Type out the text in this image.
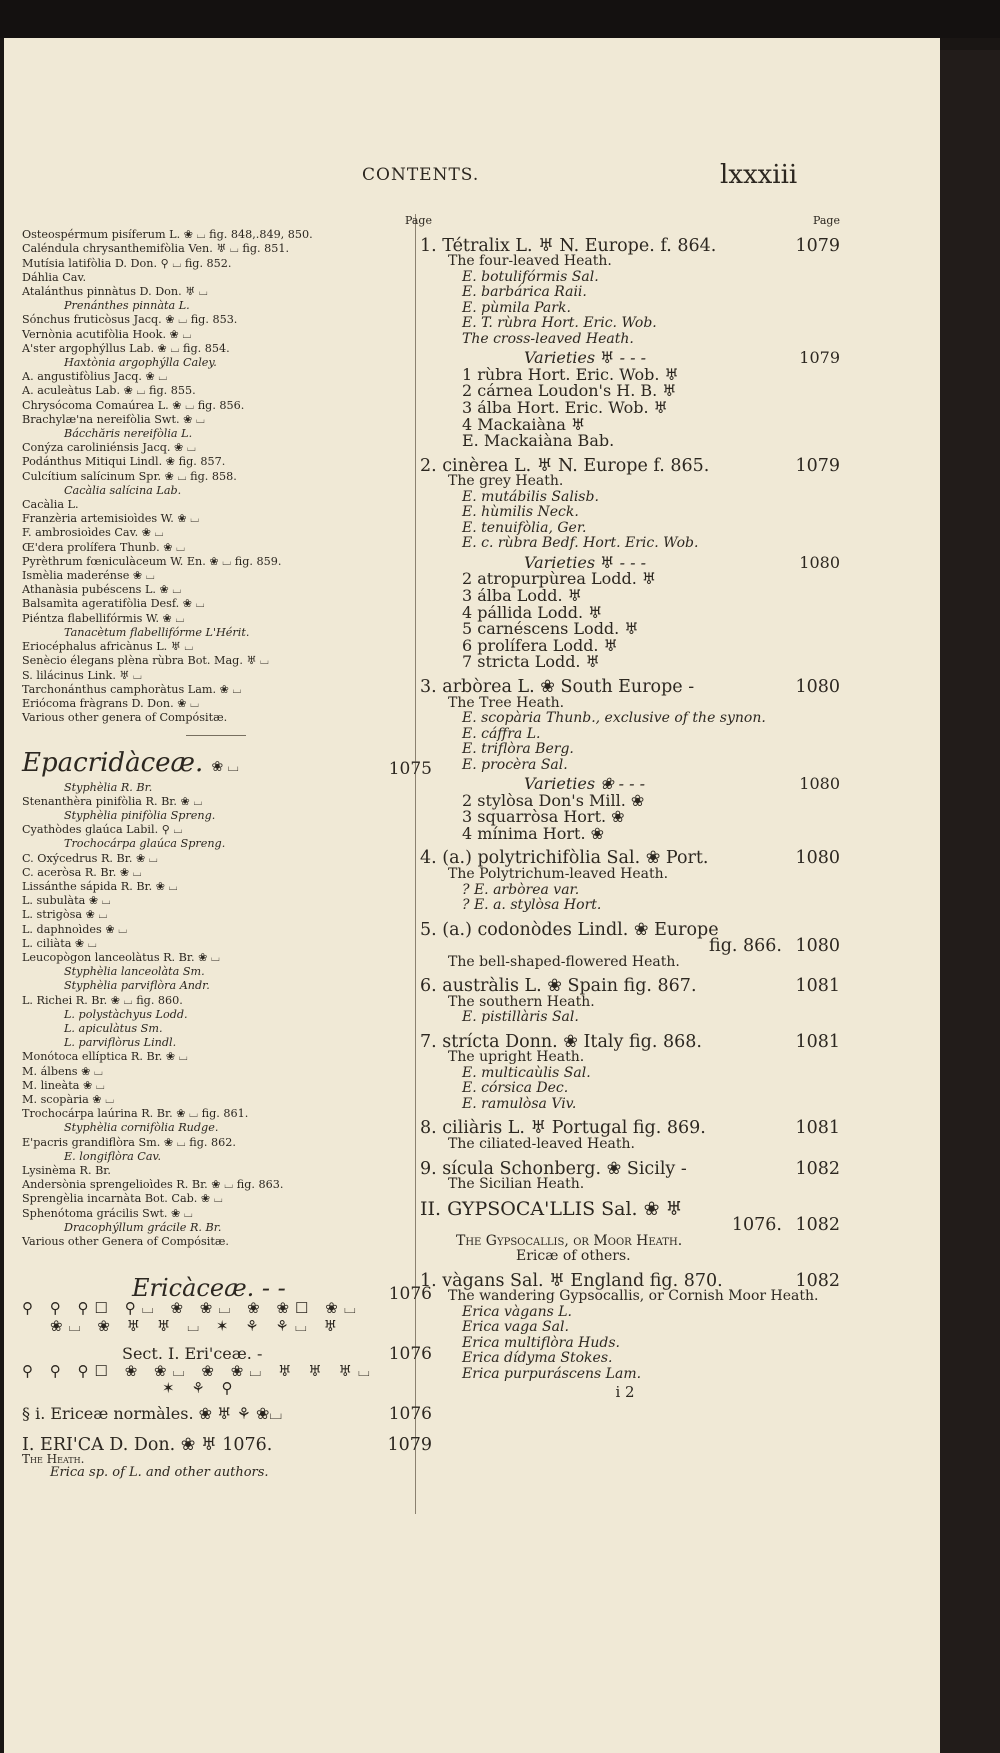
CONTENTS.	lxxxiii
Page
Osteospérmum pisíferum L. ❀ ⌴ fig. 848,.849, 850.
Caléndula chrysanthemifòlia Ven. ♅ ⌴ fig. 851.
Mutísia latifòlia D. Don. ⚲ ⌴ fig. 852.
Dáhlia Cav.
Atalánthus pinnàtus D. Don. ♅ ⌴
Prenánthes pinnàta L.
Sónchus fruticòsus Jacq. ❀ ⌴ fig. 853.
Vernònia acutifòlia Hook. ❀ ⌴
A'ster argophýllus Lab. ❀ ⌴ fig. 854.
Haxtònia argophýlla Caley.
A. angustifòlius Jacq. ❀ ⌴
A. aculeàtus Lab. ❀ ⌴ fig. 855.
Chrysócoma Comaúrea L. ❀ ⌴ fig. 856.
Brachylæ'na nereifòlia Swt. ❀ ⌴
Bácchăris nereifòlia L.
Conýza caroliniénsis Jacq. ❀ ⌴
Podánthus Mitiqui Lindl. ❀ fig. 857.
Culcítium salícinum Spr. ❀ ⌴ fig. 858.
Cacàlia salícina Lab.
Cacàlia L.
Franzèria artemisioìdes W. ❀ ⌴
F. ambrosioìdes Cav. ❀ ⌴
Œ'dera prolífera Thunb. ❀ ⌴
Pyrèthrum fœniculàceum W. En. ❀ ⌴ fig. 859.
Ismèlia maderénse ❀ ⌴
Athanàsia pubéscens L. ❀ ⌴
Balsamìta ageratifòlia Desf. ❀ ⌴
Piéntza flabellifórmis W. ❀ ⌴
Tanacètum flabellifórme L'Hérit.
Eriocéphalus africànus L. ♅ ⌴
Senècio élegans plèna rùbra Bot. Mag. ♅ ⌴
S. lilácinus Link. ♅ ⌴
Tarchonánthus camphoràtus Lam. ❀ ⌴
Eriócoma fràgrans D. Don. ❀ ⌴
Various other genera of Compósitæ.
Epacridàceæ. ❀ ⌴	1075
Styphèlia R. Br.
Stenanthèra pinifòlia R. Br. ❀ ⌴
Styphèlia pinifòlia Spreng.
Cyathòdes glaúca Labil. ⚲ ⌴
Trochocárpa glaúca Spreng.
C. Oxýcedrus R. Br. ❀ ⌴
C. aceròsa R. Br. ❀ ⌴
Lissánthe sápida R. Br. ❀ ⌴
L. subulàta ❀ ⌴
L. strigòsa ❀ ⌴
L. daphnoìdes ❀ ⌴
L. ciliàta ❀ ⌴
Leucopògon lanceolàtus R. Br. ❀ ⌴
Styphèlia lanceolàta Sm.
Styphèlia parviflòra Andr.
L. Richei R. Br. ❀ ⌴ fig. 860.
L. polystàchyus Lodd.
L. apiculàtus Sm.
L. parviflòrus Lindl.
Monótoca ellíptica R. Br. ❀ ⌴
M. álbens ❀ ⌴
M. lineàta ❀ ⌴
M. scopària ❀ ⌴
Trochocárpa laúrina R. Br. ❀ ⌴ fig. 861.
Styphèlia cornifòlia Rudge.
E'pacris grandiflòra Sm. ❀ ⌴ fig. 862.
E. longiflòra Cav.
Lysinèma R. Br.
Andersònia sprengelioìdes R. Br. ❀ ⌴ fig. 863.
Sprengèlia incarnàta Bot. Cab. ❀ ⌴
Sphenótoma grácilis Swt. ❀ ⌴
Dracophýllum grácile R. Br.
Various other Genera of Compósitæ.
Ericàceæ. - -	1076
⚲ ⚲ ⚲☐ ⚲⌴ ❀ ❀⌴ ❀ ❀☐ ❀⌴
❀⌴ ❀ ♅ ♅ ⌴ ✶ ⚘ ⚘⌴ ♅
Sect. I. Eri'ceæ. -	1076
⚲ ⚲ ⚲☐ ❀ ❀⌴ ❀ ❀⌴ ♅ ♅ ♅⌴
✶ ⚘ ⚲
§ i. Ericeæ normàles. ❀ ♅ ⚘ ❀⌴	1076
I. ERI'CA D. Don. ❀ ♅ 1076.	1079
The Heath.
Erica sp. of L. and other authors.
Page
1. Tétralix L. ♅ N. Europe. f. 864.	1079
The four-leaved Heath.
E. botulifórmis Sal.
E. barbárica Raii.
E. pùmila Park.
E. T. rùbra Hort. Eric. Wob.
The cross-leaved Heath.
Varieties ♅ - - -	1079
1 rùbra Hort. Eric. Wob. ♅
2 cárnea Loudon's H. B. ♅
3 álba Hort. Eric. Wob. ♅
4 Mackaiàna ♅
E. Mackaiàna Bab.
2. cinèrea L. ♅ N. Europe f. 865.	1079
The grey Heath.
E. mutábilis Salisb.
E. hùmilis Neck.
E. tenuifòlia, Ger.
E. c. rùbra Bedf. Hort. Eric. Wob.
Varieties ♅ - - -	1080
2 atropurpùrea Lodd. ♅
3 álba Lodd. ♅
4 pállida Lodd. ♅
5 carnéscens Lodd. ♅
6 prolífera Lodd. ♅
7 stricta Lodd. ♅
3. arbòrea L. ❀ South Europe -	1080
The Tree Heath.
E. scopària Thunb., exclusive of the synon.
E. cáffra L.
E. triflòra Berg.
E. procèra Sal.
Varieties ❀ - - -	1080
2 stylòsa Don's Mill. ❀
3 squarròsa Hort. ❀
4 mínima Hort. ❀
4. (a.) polytrichifòlia Sal. ❀ Port.	1080
The Polytrichum-leaved Heath.
? E. arbòrea var.
? E. a. stylòsa Hort.
5. (a.) codonòdes Lindl. ❀ Europe
fig. 866. 1080
The bell-shaped-flowered Heath.
6. austràlis L. ❀ Spain fig. 867.	1081
The southern Heath.
E. pistillàris Sal.
7. strícta Donn. ❀ Italy fig. 868.	1081
The upright Heath.
E. multicaùlis Sal.
E. córsica Dec.
E. ramulòsa Viv.
8. ciliàris L. ♅ Portugal fig. 869.	1081
The ciliated-leaved Heath.
9. sícula Schonberg. ❀ Sicily -	1082
The Sicilian Heath.
II. GYPSOCA'LLIS Sal. ❀ ♅
1076. 1082
The Gypsocallis, or Moor Heath.
Ericæ of others.
1. vàgans Sal. ♅ England fig. 870.	1082
The wandering Gypsocallis, or Cornish Moor Heath.
Erica vàgans L.
Erica vaga Sal.
Erica multiflòra Huds.
Erica dídyma Stokes.
Erica purpuráscens Lam.
i 2
